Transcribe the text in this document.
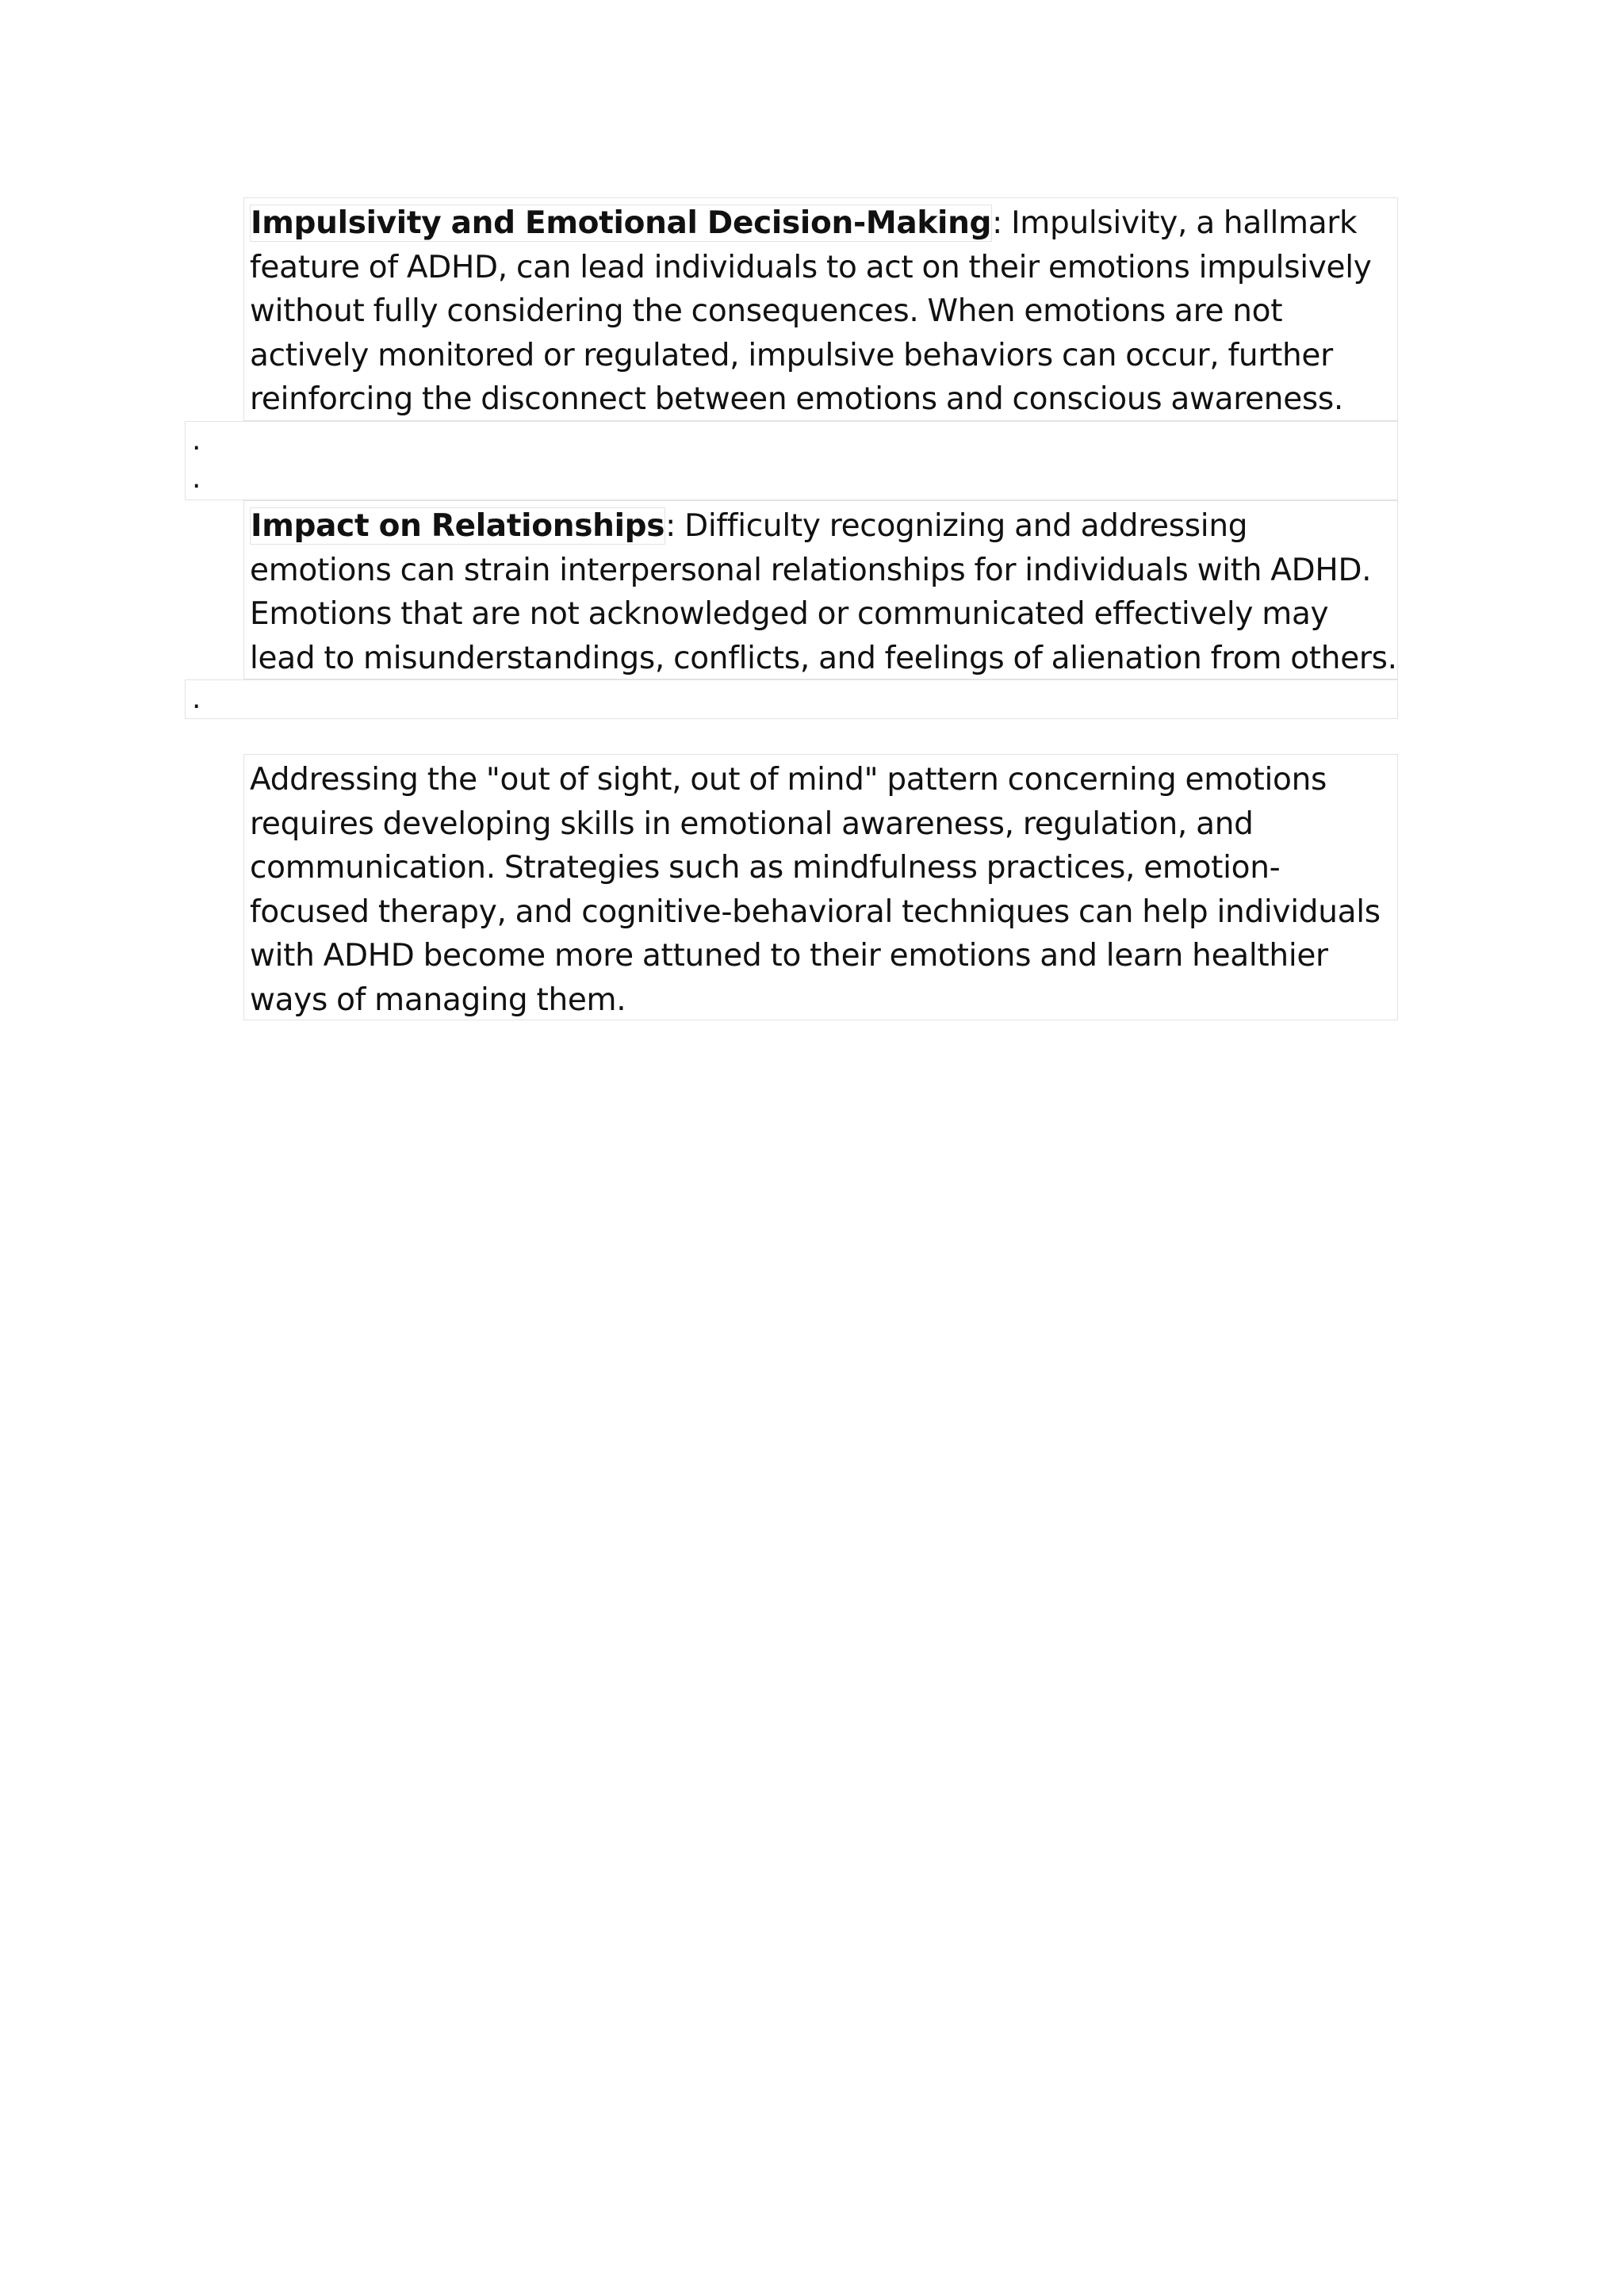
Impulsivity and Emotional Decision-Making: Impulsivity, a hallmark feature of ADHD, can lead individuals to act on their emotions impulsively without fully considering the consequences. When emotions are not actively monitored or regulated, impulsive behaviors can occur, further reinforcing the disconnect between emotions and conscious awareness.
.
.
Impact on Relationships: Difficulty recognizing and addressing emotions can strain interpersonal relationships for individuals with ADHD. Emotions that are not acknowledged or communicated effectively may lead to misunderstandings, conflicts, and feelings of alienation from others.
.
Addressing the "out of sight, out of mind" pattern concerning emotions requires developing skills in emotional awareness, regulation, and communication. Strategies such as mindfulness practices, emotion-focused therapy, and cognitive-behavioral techniques can help individuals with ADHD become more attuned to their emotions and learn healthier ways of managing them.
